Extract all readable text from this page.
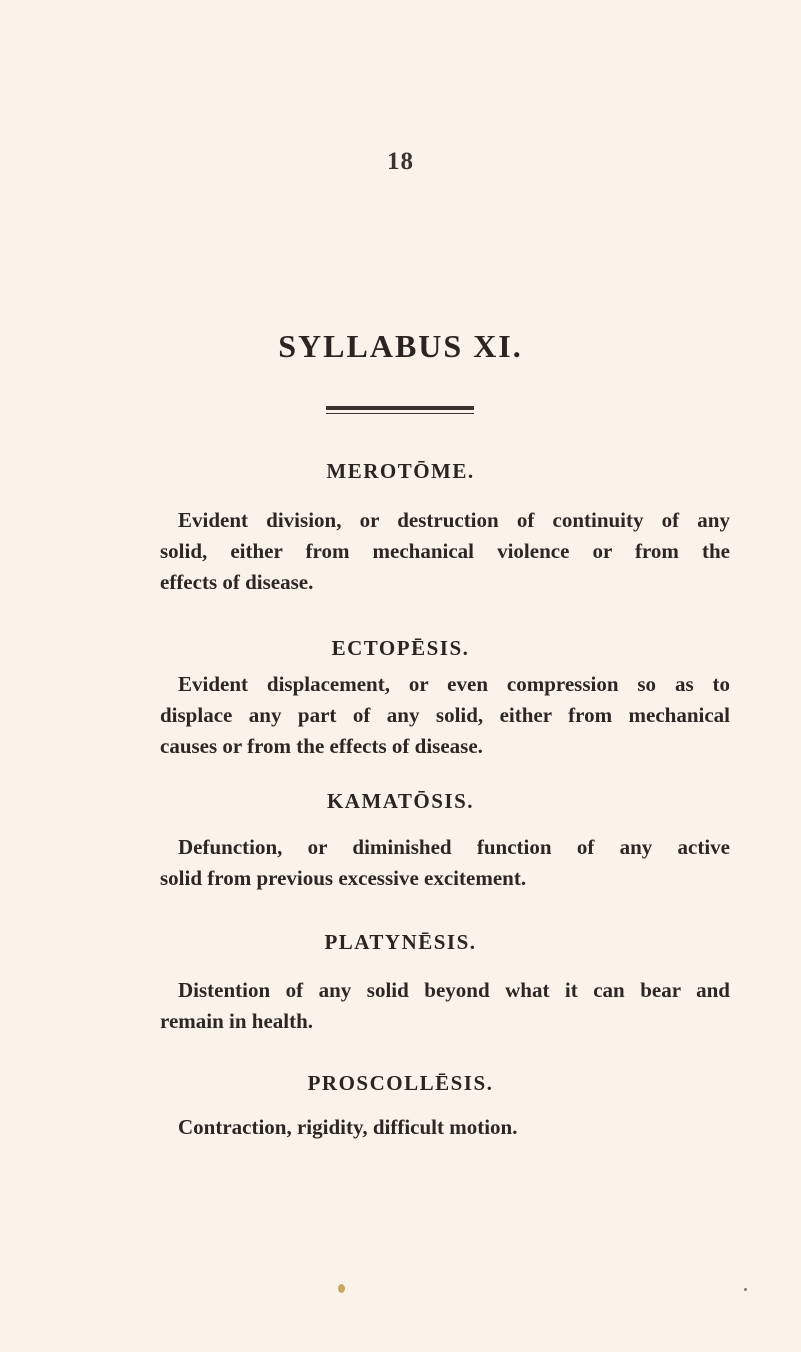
18
SYLLABUS XI.
MEROTŌME.
Evident division, or destruction of continuity of any
solid, either from mechanical violence or from the
effects of disease.
ECTOPĒSIS.
Evident displacement, or even compression so as to
displace any part of any solid, either from mechanical
causes or from the effects of disease.
KAMATŌSIS.
Defunction, or diminished function of any active
solid from previous excessive excitement.
PLATYNĒSIS.
Distention of any solid beyond what it can bear and
remain in health.
PROSCOLLĒSIS.
Contraction, rigidity, difficult motion.
